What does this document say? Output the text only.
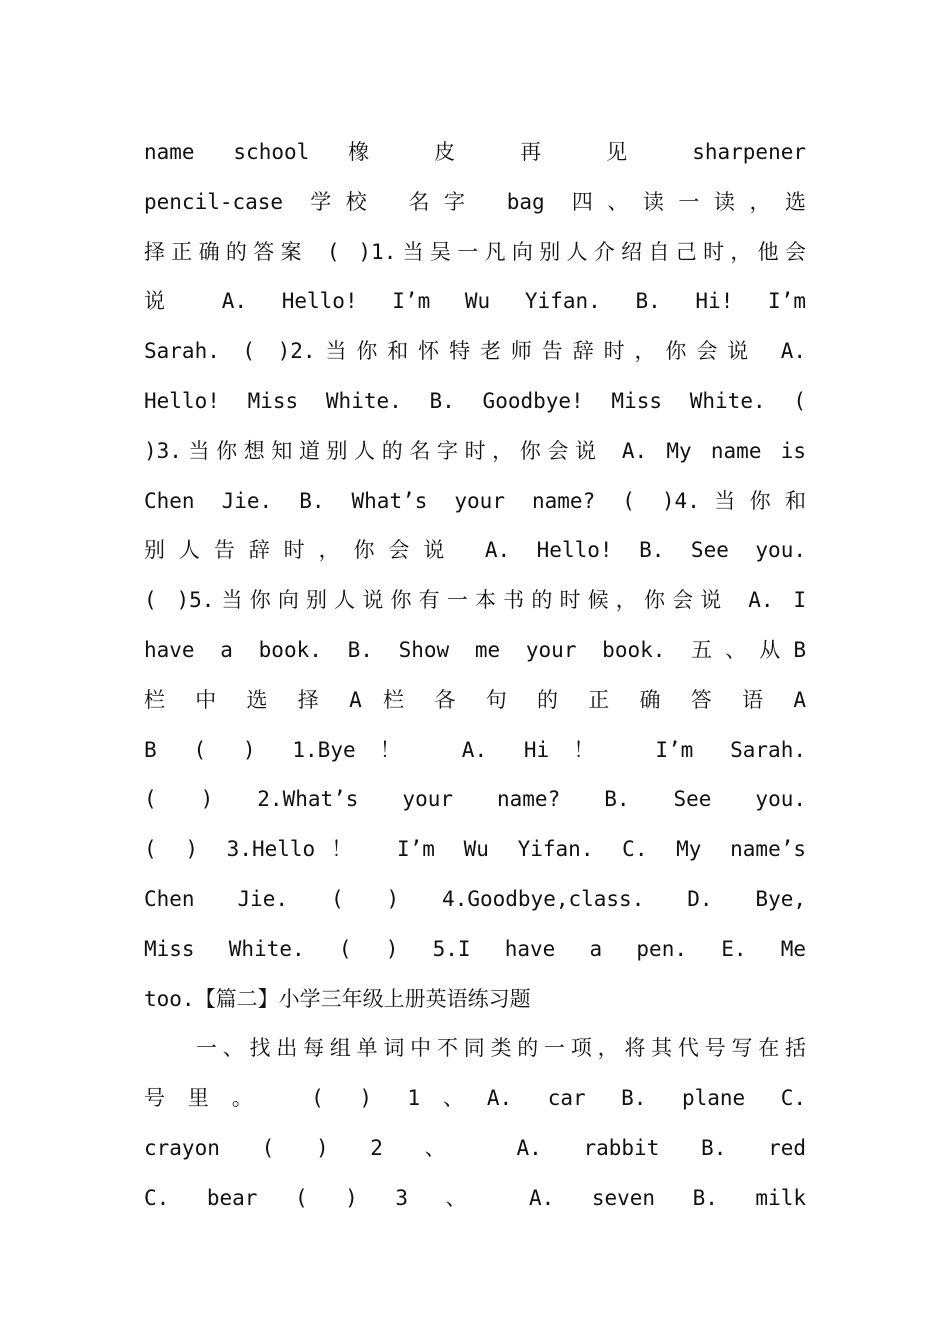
name school 橡 皮 再 见 sharpener
pencil-case 学校 名字 bag 四、读一读，选
择正确的答案 ( )1.当吴一凡向别人介绍自己时，他会
说 A. Hello! I’m Wu Yifan. B. Hi! I’m
Sarah. ( )2.当你和怀特老师告辞时，你会说 A.
Hello! Miss White. B. Goodbye! Miss White. (
)3.当你想知道别人的名字时，你会说 A. My name is
Chen Jie. B. What’s your name? ( )4.当你和
别人告辞时，你会说 A. Hello! B. See you.
( )5.当你向别人说你有一本书的时候，你会说 A. I
have a book. B. Show me your book. 五、从B
栏 中 选 择 A 栏 各 句 的 正 确 答 语 A
B ( ) 1.Bye！ A. Hi！ I’m Sarah.
( ) 2.What’s your name? B. See you.
( ) 3.Hello！ I’m Wu Yifan. C. My name’s
Chen Jie. ( ) 4.Goodbye,class. D. Bye,
Miss White. ( ) 5.I have a pen. E. Me
too.【篇二】小学三年级上册英语练习题
一、找出每组单词中不同类的一项，将其代号写在括
号里。 ( ) 1、A. car B. plane C.
crayon ( ) 2 、 A. rabbit B. red
C. bear ( ) 3 、 A. seven B. milk
